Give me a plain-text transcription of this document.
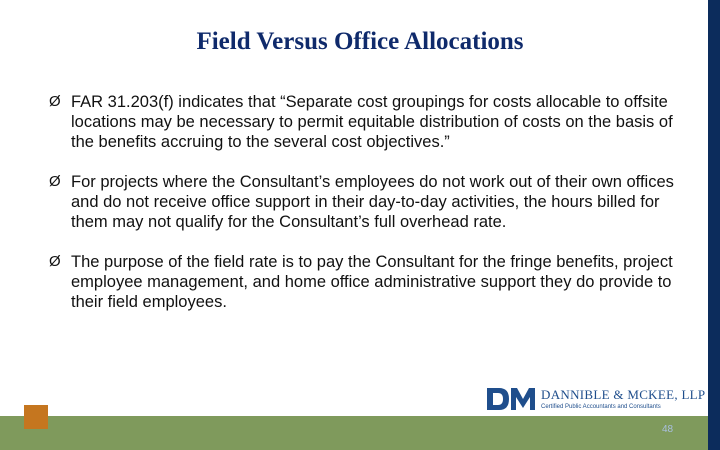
Field Versus Office Allocations
Ø FAR 31.203(f) indicates that “Separate cost groupings for costs allocable to offsite locations may be necessary to permit equitable distribution of costs on the basis of the benefits accruing to the several cost objectives.”
Ø For projects where the Consultant’s employees do not work out of their own offices and do not receive office support in their day-to-day activities, the hours billed for them may not qualify for the Consultant’s full overhead rate.
Ø The purpose of the field rate is to pay the Consultant for the fringe benefits, project employee management, and home office administrative support they do provide to their field employees.
DANNIBLE & MCKEE, LLP
Certified Public Accountants and Consultants
48
